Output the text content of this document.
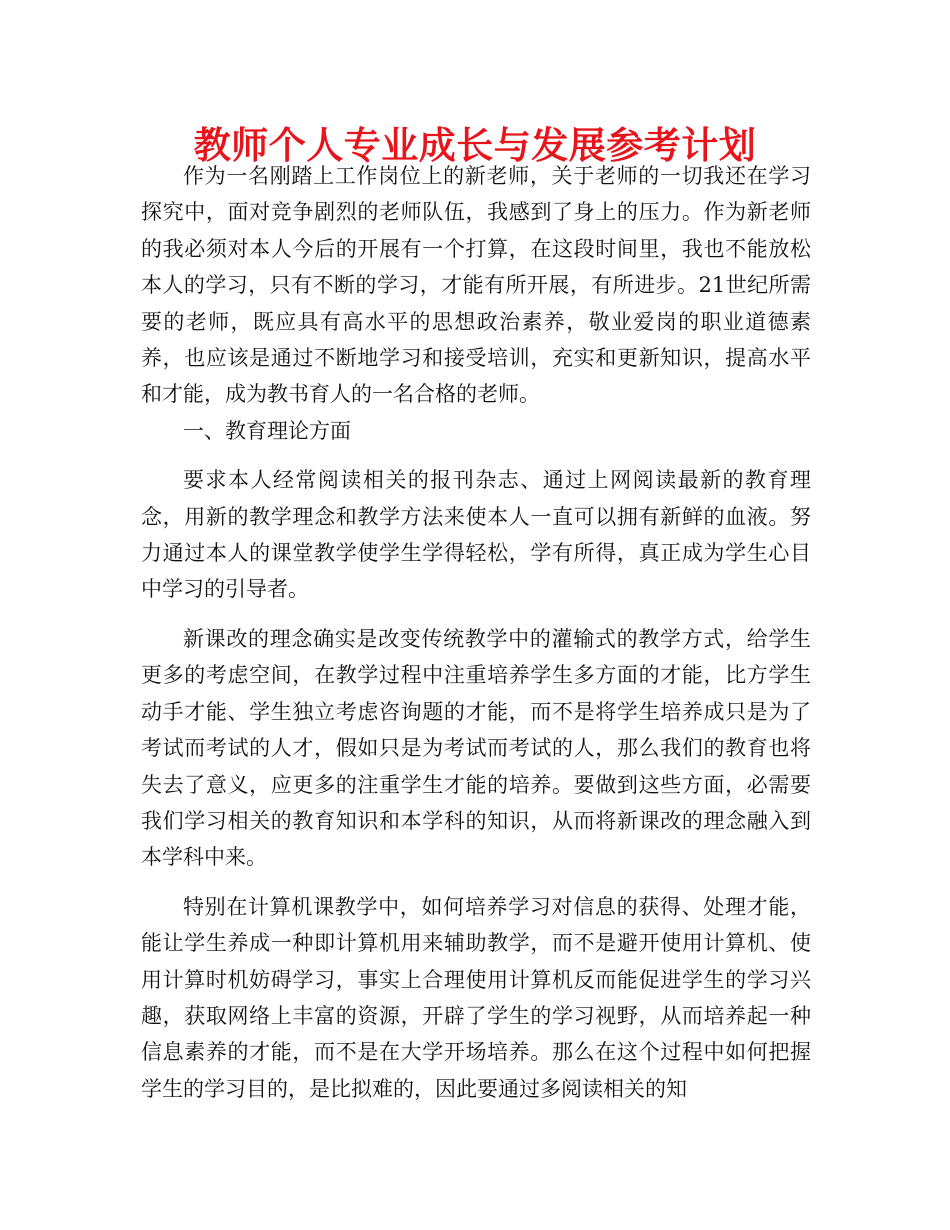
教师个人专业成长与发展参考计划

作为一名刚踏上工作岗位上的新老师，关于老师的一切我还在学习探究中，面对竞争剧烈的老师队伍，我感到了身上的压力。作为新老师的我必须对本人今后的开展有一个打算，在这段时间里，我也不能放松本人的学习，只有不断的学习，才能有所开展，有所进步。21世纪所需要的老师，既应具有高水平的思想政治素养，敬业爱岗的职业道德素养，也应该是通过不断地学习和接受培训，充实和更新知识，提高水平和才能，成为教书育人的一名合格的老师。

一、教育理论方面

要求本人经常阅读相关的报刊杂志、通过上网阅读最新的教育理念，用新的教学理念和教学方法来使本人一直可以拥有新鲜的血液。努力通过本人的课堂教学使学生学得轻松，学有所得，真正成为学生心目中学习的引导者。

新课改的理念确实是改变传统教学中的灌输式的教学方式，给学生更多的考虑空间，在教学过程中注重培养学生多方面的才能，比方学生动手才能、学生独立考虑咨询题的才能，而不是将学生培养成只是为了考试而考试的人才，假如只是为考试而考试的人，那么我们的教育也将失去了意义，应更多的注重学生才能的培养。要做到这些方面，必需要我们学习相关的教育知识和本学科的知识，从而将新课改的理念融入到本学科中来。

特别在计算机课教学中，如何培养学习对信息的获得、处理才能，能让学生养成一种即计算机用来辅助教学，而不是避开使用计算机、使用计算时机妨碍学习，事实上合理使用计算机反而能促进学生的学习兴趣，获取网络上丰富的资源，开辟了学生的学习视野，从而培养起一种信息素养的才能，而不是在大学开场培养。那么在这个过程中如何把握学生的学习目的，是比拟难的，因此要通过多阅读相关的知
